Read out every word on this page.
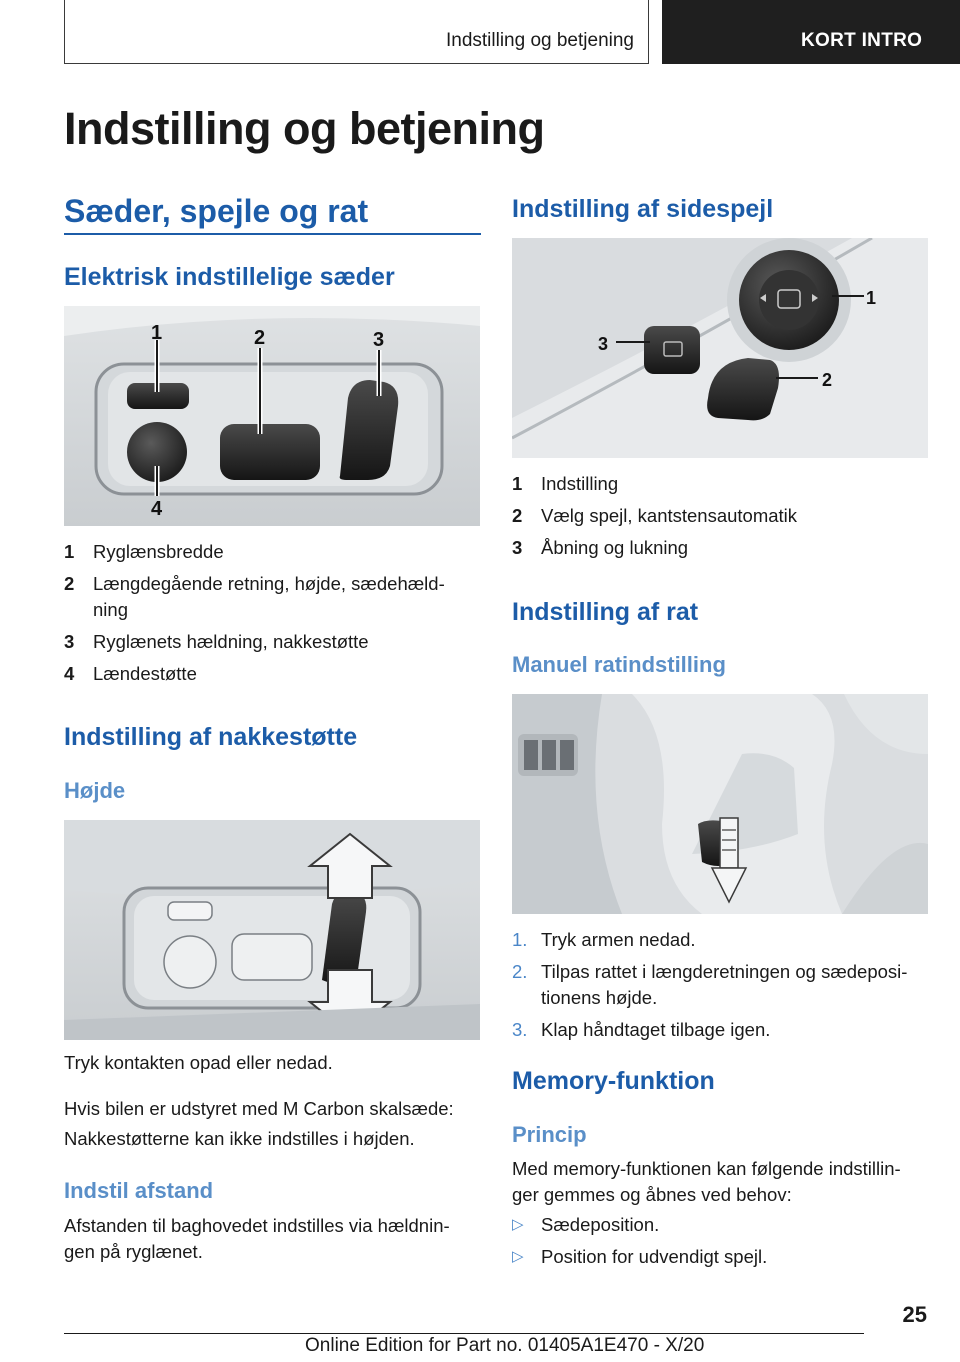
Indstilling og betjening	KORT INTRO
Indstilling og betjening
Sæder, spejle og rat
Elektrisk indstillelige sæder
1	2	3
4
1 Ryglænsbredde
2 Længdegående retning, højde, sædehæld-
ning
3 Ryglænets hældning, nakkestøtte
4 Lændestøtte
Indstilling af nakkestøtte
Højde

Tryk kontakten opad eller nedad.

Hvis bilen er udstyret med M Carbon skalsæde:

Nakkestøtterne kan ikke indstilles i højden.

Indstil afstand

Afstanden til baghovedet indstilles via hældnin-
gen på ryglænet.

Indstilling af sidespejl
1
2
3
1 Indstilling
2 Vælg spejl, kantstensautomatik
3 Åbning og lukning
Indstilling af rat
Manuel ratindstilling
1. Tryk armen nedad.
2. Tilpas rattet i længderetningen og sædeposi-
tionens højde.
3. Klap håndtaget tilbage igen.
Memory-funktion
Princip

Med memory-funktionen kan følgende indstillin-
ger gemmes og åbnes ved behov:

▷ Sædeposition.
▷ Position for udvendigt spejl.
25
Online Edition for Part no. 01405A1E470 - X/20
